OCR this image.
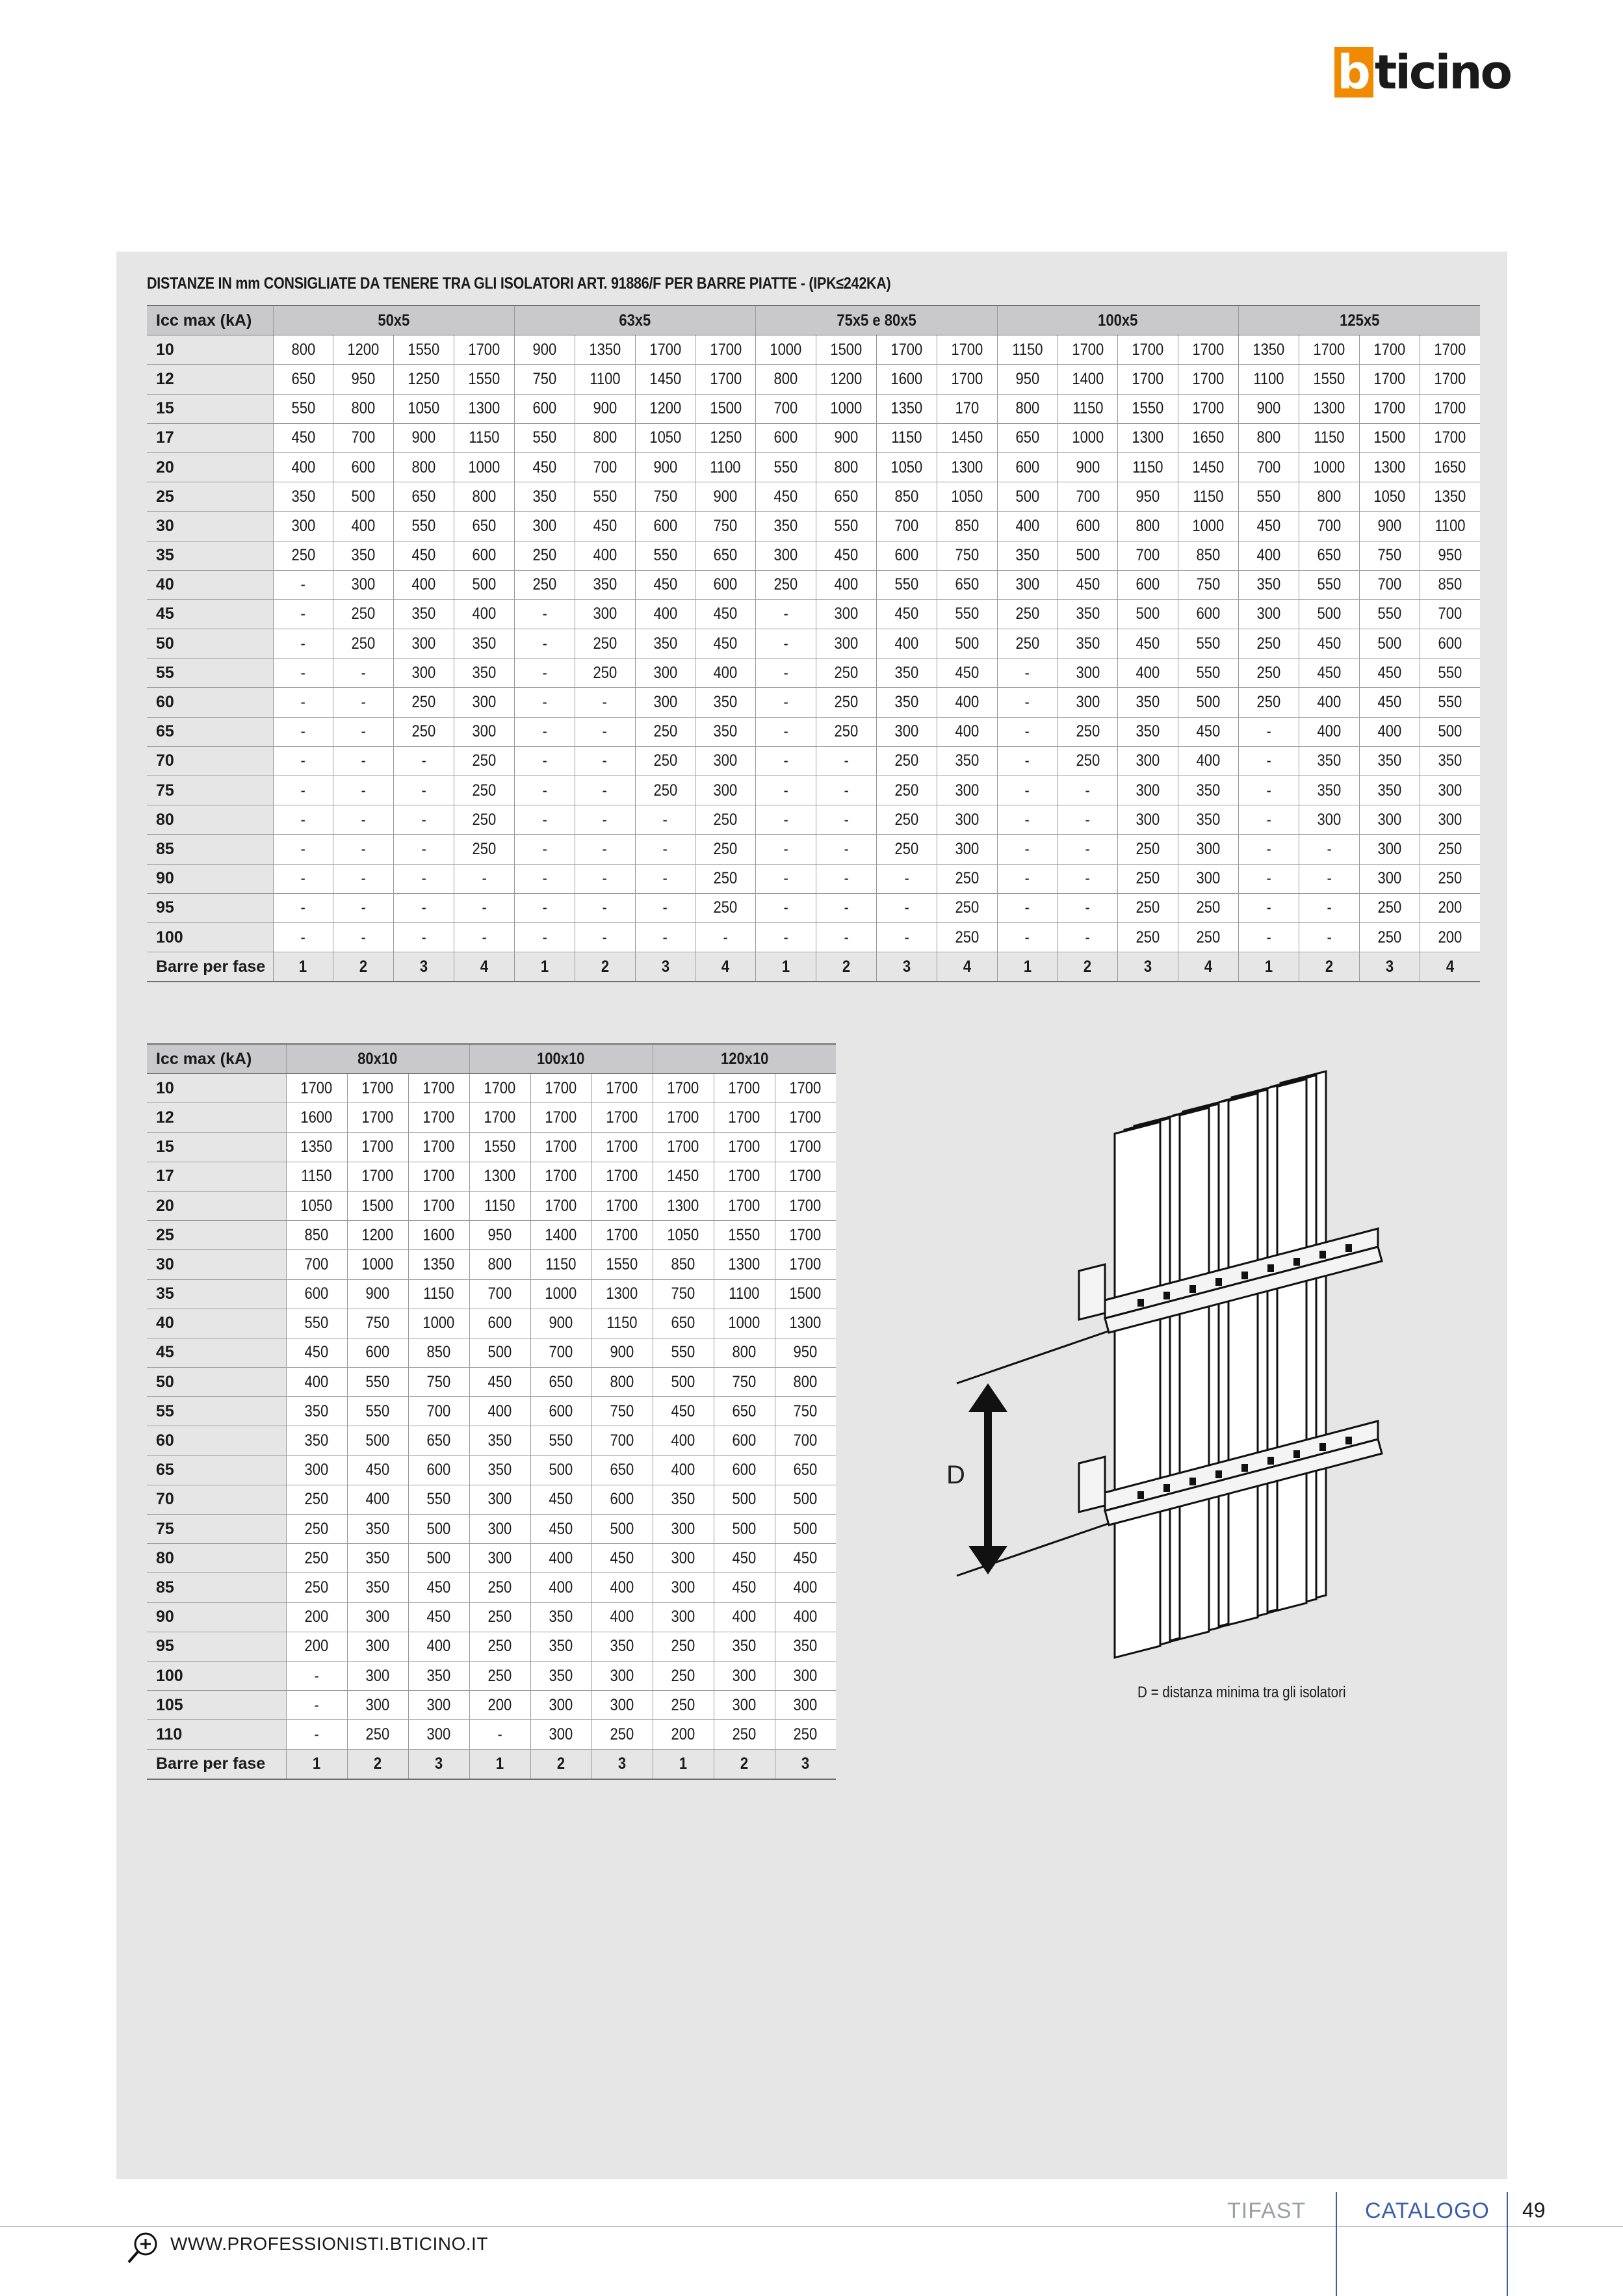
b ticino
DISTANZE IN mm CONSIGLIATE DA TENERE TRA GLI ISOLATORI ART. 91886/F PER BARRE PIATTE - (IPK≤242KA)
Icc max (kA)	50x5				63x5				75x5 e 80x5				100x5				125x5			
10	800	1200	1550	1700	900	1350	1700	1700	1000	1500	1700	1700	1150	1700	1700	1700	1350	1700	1700	1700
12	650	950	1250	1550	750	1100	1450	1700	800	1200	1600	1700	950	1400	1700	1700	1100	1550	1700	1700
15	550	800	1050	1300	600	900	1200	1500	700	1000	1350	170	800	1150	1550	1700	900	1300	1700	1700
17	450	700	900	1150	550	800	1050	1250	600	900	1150	1450	650	1000	1300	1650	800	1150	1500	1700
20	400	600	800	1000	450	700	900	1100	550	800	1050	1300	600	900	1150	1450	700	1000	1300	1650
25	350	500	650	800	350	550	750	900	450	650	850	1050	500	700	950	1150	550	800	1050	1350
30	300	400	550	650	300	450	600	750	350	550	700	850	400	600	800	1000	450	700	900	1100
35	250	350	450	600	250	400	550	650	300	450	600	750	350	500	700	850	400	650	750	950
40	-	300	400	500	250	350	450	600	250	400	550	650	300	450	600	750	350	550	700	850
45	-	250	350	400	-	300	400	450	-	300	450	550	250	350	500	600	300	500	550	700
50	-	250	300	350	-	250	350	450	-	300	400	500	250	350	450	550	250	450	500	600
55	-	-	300	350	-	250	300	400	-	250	350	450	-	300	400	550	250	450	450	550
60	-	-	250	300	-	-	300	350	-	250	350	400	-	300	350	500	250	400	450	550
65	-	-	250	300	-	-	250	350	-	250	300	400	-	250	350	450	-	400	400	500
70	-	-	-	250	-	-	250	300	-	-	250	350	-	250	300	400	-	350	350	350
75	-	-	-	250	-	-	250	300	-	-	250	300	-	-	300	350	-	350	350	300
80	-	-	-	250	-	-	-	250	-	-	250	300	-	-	300	350	-	300	300	300
85	-	-	-	250	-	-	-	250	-	-	250	300	-	-	250	300	-	-	300	250
90	-	-	-	-	-	-	-	250	-	-	-	250	-	-	250	300	-	-	300	250
95	-	-	-	-	-	-	-	250	-	-	-	250	-	-	250	250	-	-	250	200
100	-	-	-	-	-	-	-	-	-	-	-	250	-	-	250	250	-	-	250	200
Barre per fase	1	2	3	4	1	2	3	4	1	2	3	4	1	2	3	4	1	2	3	4
Icc max (kA)	80x10			100x10			120x10		
10	1700	1700	1700	1700	1700	1700	1700	1700	1700
12	1600	1700	1700	1700	1700	1700	1700	1700	1700
15	1350	1700	1700	1550	1700	1700	1700	1700	1700
17	1150	1700	1700	1300	1700	1700	1450	1700	1700
20	1050	1500	1700	1150	1700	1700	1300	1700	1700
25	850	1200	1600	950	1400	1700	1050	1550	1700
30	700	1000	1350	800	1150	1550	850	1300	1700
35	600	900	1150	700	1000	1300	750	1100	1500
40	550	750	1000	600	900	1150	650	1000	1300
45	450	600	850	500	700	900	550	800	950
50	400	550	750	450	650	800	500	750	800
55	350	550	700	400	600	750	450	650	750
60	350	500	650	350	550	700	400	600	700
65	300	450	600	350	500	650	400	600	650
70	250	400	550	300	450	600	350	500	500
75	250	350	500	300	450	500	300	500	500
80	250	350	500	300	400	450	300	450	450
85	250	350	450	250	400	400	300	450	400
90	200	300	450	250	350	400	300	400	400
95	200	300	400	250	350	350	250	350	350
100	-	300	350	250	350	300	250	300	300
105	-	300	300	200	300	300	250	300	300
110	-	250	300	-	300	250	200	250	250
Barre per fase	1	2	3	1	2	3	1	2	3
D
D = distanza minima tra gli isolatori
TIFAST	CATALOGO 49
WWW.PROFESSIONISTI.BTICINO.IT
